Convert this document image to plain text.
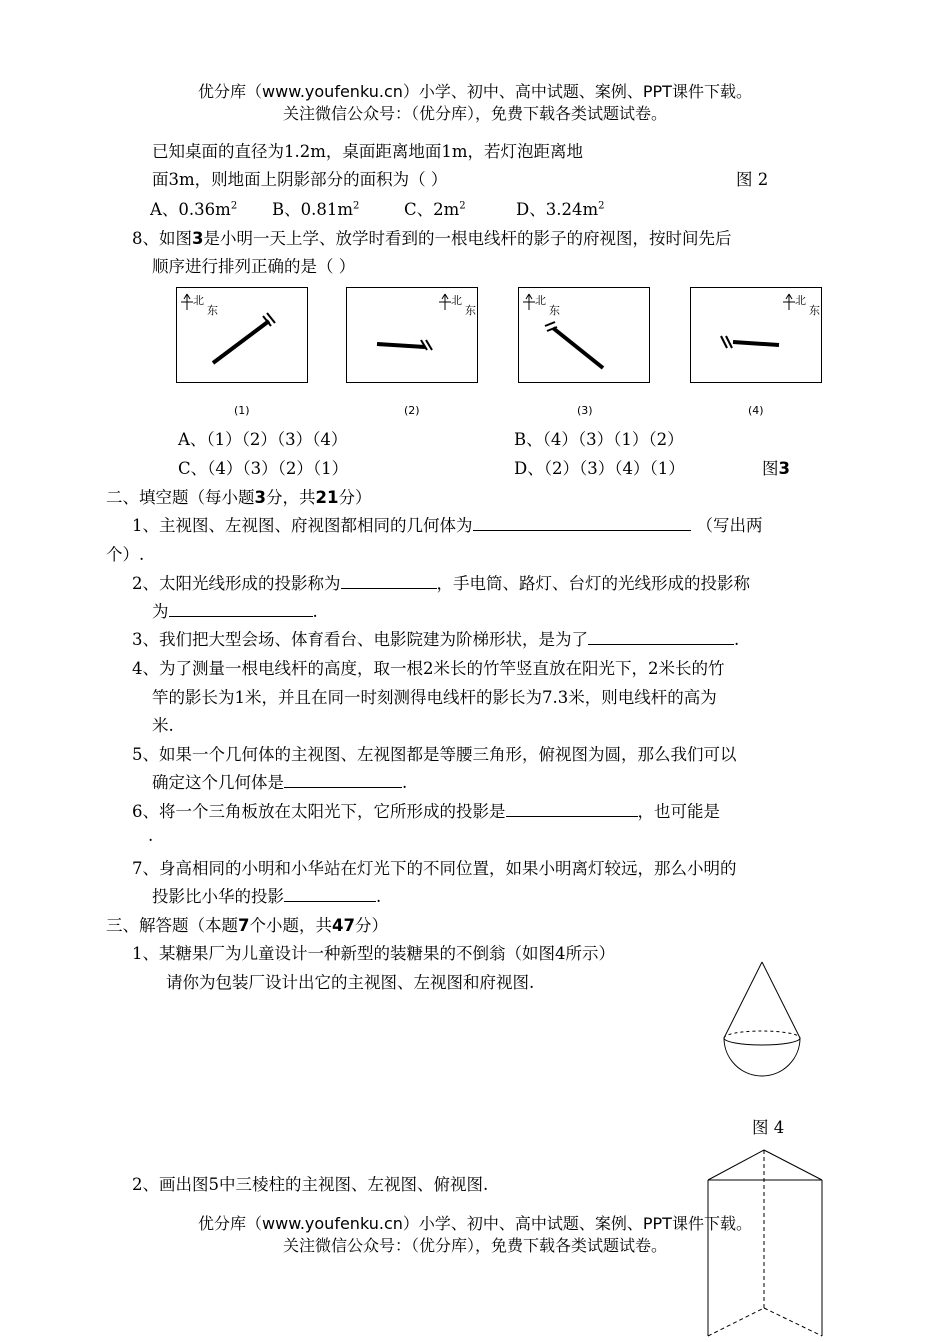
优分库（www.youfenku.cn）小学、初中、高中试题、案例、PPT课件下载。
关注微信公众号：（优分库），免费下载各类试题试卷。
已知桌面的直径为1.2m，桌面距离地面1m，若灯泡距离地
面3m，则地面上阴影部分的面积为（ ）	图 2
A、$0.36m^2$ B、$0.81m^2$	C、$2m^2$	D、$3.24m^2$
8、如图3是小明一天上学、放学时看到的一根电线杆的影子的府视图，按时间先后
顺序进行排列正确的是（ ）
北
东
北
东
北
东
北
东
(1)	(2)	(3)	(4)
A、（1）（2）（3）（4）	B、（4）（3）（1）（2）
C、（4）（3）（2）（1）	D、（2）（3）（4）（1）	图3
二、填空题（每小题3分，共21分）
1、主视图、左视图、府视图都相同的几何体为	（写出两
个）.
2、太阳光线形成的投影称为	，手电筒、路灯、台灯的光线形成的投影称
为	.
3、我们把大型会场、体育看台、电影院建为阶梯形状，是为了	.
4、为了测量一根电线杆的高度，取一根2米长的竹竿竖直放在阳光下，2米长的竹
竿的影长为1米，并且在同一时刻测得电线杆的影长为7.3米，则电线杆的高为
米.
5、如果一个几何体的主视图、左视图都是等腰三角形，俯视图为圆，那么我们可以
确定这个几何体是	.
6、将一个三角板放在太阳光下，它所形成的投影是	，也可能是
.
7、身高相同的小明和小华站在灯光下的不同位置，如果小明离灯较远，那么小明的
投影比小华的投影	.
三、解答题（本题7个小题，共47分）
1、某糖果厂为儿童设计一种新型的装糖果的不倒翁（如图4所示）
请你为包装厂设计出它的主视图、左视图和府视图.
图 4
2、画出图5中三棱柱的主视图、左视图、俯视图.
优分库（www.youfenku.cn）小学、初中、高中试题、案例、PPT课件下载。
关注微信公众号：（优分库），免费下载各类试题试卷。
